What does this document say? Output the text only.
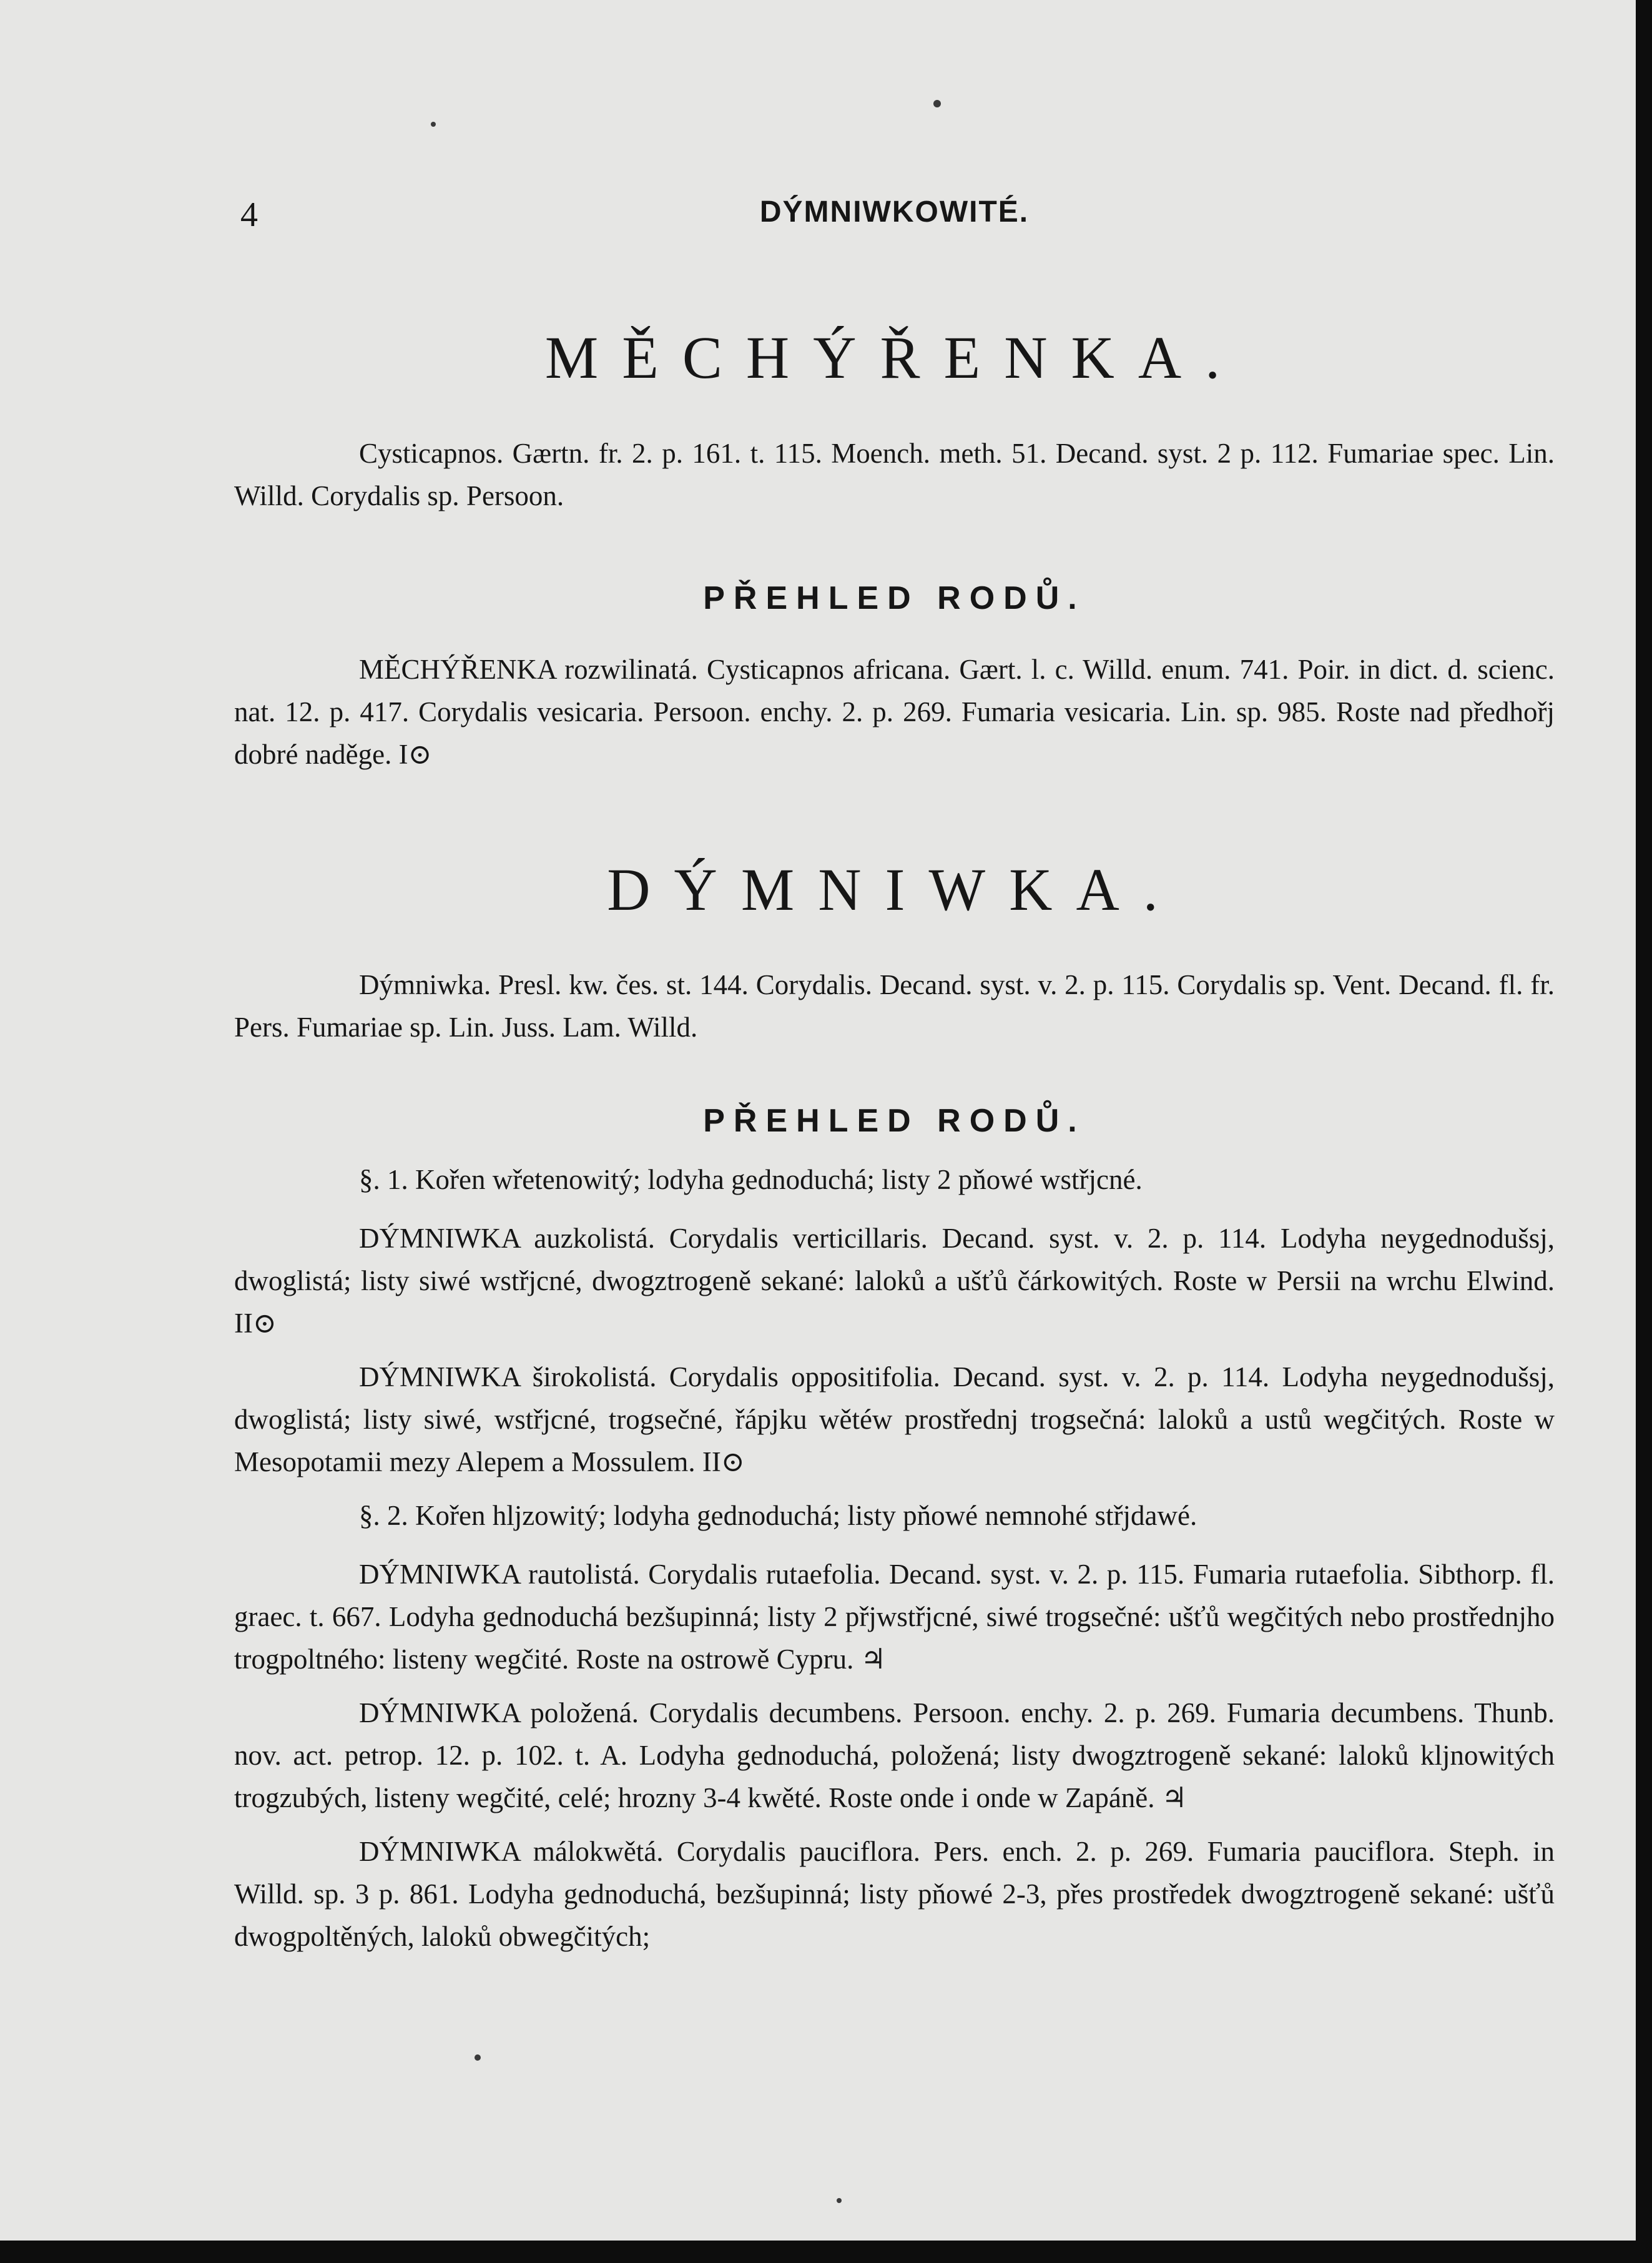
4	DÝMNIWKOWITÉ.
MĚCHÝŘENKA.

Cysticapnos. Gærtn. fr. 2. p. 161. t. 115. Moench. meth. 51. Decand. syst. 2 p. 112. Fumariae spec. Lin. Willd. Corydalis sp. Persoon.

PŘEHLED RODŮ.

MĚCHÝŘENKA rozwilinatá. Cysticapnos africana. Gært. l. c. Willd. enum. 741. Poir. in dict. d. scienc. nat. 12. p. 417. Corydalis vesicaria. Persoon. enchy. 2. p. 269. Fumaria vesicaria. Lin. sp. 985. Roste nad předhořj dobré naděge. I⊙

DÝMNIWKA.

Dýmniwka. Presl. kw. čes. st. 144. Corydalis. Decand. syst. v. 2. p. 115. Corydalis sp. Vent. Decand. fl. fr. Pers. Fumariae sp. Lin. Juss. Lam. Willd.

PŘEHLED RODŮ.

§. 1. Kořen wřetenowitý; lodyha gednoduchá; listy 2 pňowé wstřjcné.

DÝMNIWKA auzkolistá. Corydalis verticillaris. Decand. syst. v. 2. p. 114. Lodyha neygednodušsj, dwoglistá; listy siwé wstřjcné, dwogztrogeně sekané: laloků a ušťů čárkowitých. Roste w Persii na wrchu Elwind. II⊙

DÝMNIWKA širokolistá. Corydalis oppositifolia. Decand. syst. v. 2. p. 114. Lodyha neygednodušsj, dwoglistá; listy siwé, wstřjcné, trogsečné, řápjku wětéw prostřednj trogsečná: laloků a ustů wegčitých. Roste w Mesopotamii mezy Alepem a Mossulem. II⊙

§. 2. Kořen hljzowitý; lodyha gednoduchá; listy pňowé nemnohé střjdawé.

DÝMNIWKA rautolistá. Corydalis rutaefolia. Decand. syst. v. 2. p. 115. Fumaria rutaefolia. Sibthorp. fl. graec. t. 667. Lodyha gednoduchá bezšupinná; listy 2 přjwstřjcné, siwé trogsečné: ušťů wegčitých nebo prostřednjho trogpoltného: listeny wegčité. Roste na ostrowě Cypru. ♃

DÝMNIWKA položená. Corydalis decumbens. Persoon. enchy. 2. p. 269. Fumaria decumbens. Thunb. nov. act. petrop. 12. p. 102. t. A. Lodyha gednoduchá, položená; listy dwogztrogeně sekané: laloků kljnowitých trogzubých, listeny wegčité, celé; hrozny 3-4 kwěté. Roste onde i onde w Zapáně. ♃

DÝMNIWKA málokwětá. Corydalis pauciflora. Pers. ench. 2. p. 269. Fumaria pauciflora. Steph. in Willd. sp. 3 p. 861. Lodyha gednoduchá, bezšupinná; listy pňowé 2-3, přes prostředek dwogztrogeně sekané: ušťů dwogpoltěných, laloků obwegčitých;
